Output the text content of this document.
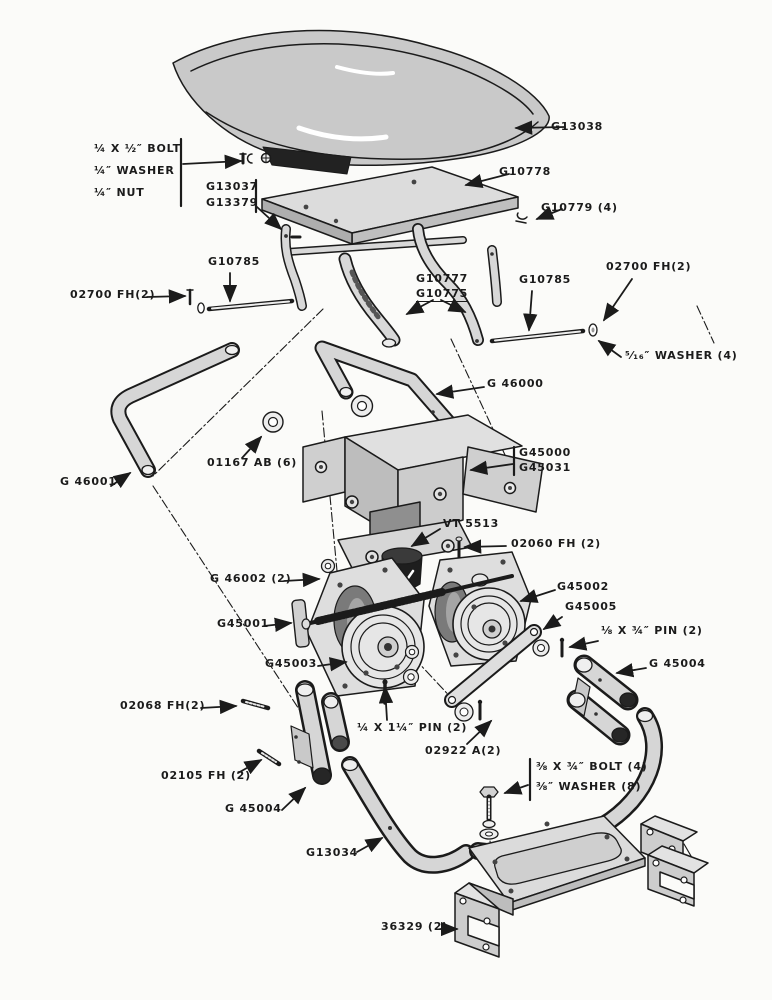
¼ X ½″ BOLT
¼″ WASHER
¼″ NUT	G13037
G13379
G13038
G10778
G10779 (4)
G10785
02700 FH(2)
G10777
G10775
G10785
02700 FH(2)
⁵⁄₁₆″ WASHER (4)
G 46000
G 46001
01167 AB (6)
G45000
G45031
VT 5513
02060 FH (2)
G 46002 (2)
G45002
G45001
G45005
⅛ X ¾″ PIN (2)
G45003	G 45004
02068 FH(2)
¼ X 1¼″ PIN (2)
02922 A(2)
02105 FH (2)
G 45004
G13034
⅜ X ¾″ BOLT (4)
⅜″ WASHER (8)
36329 (2)
